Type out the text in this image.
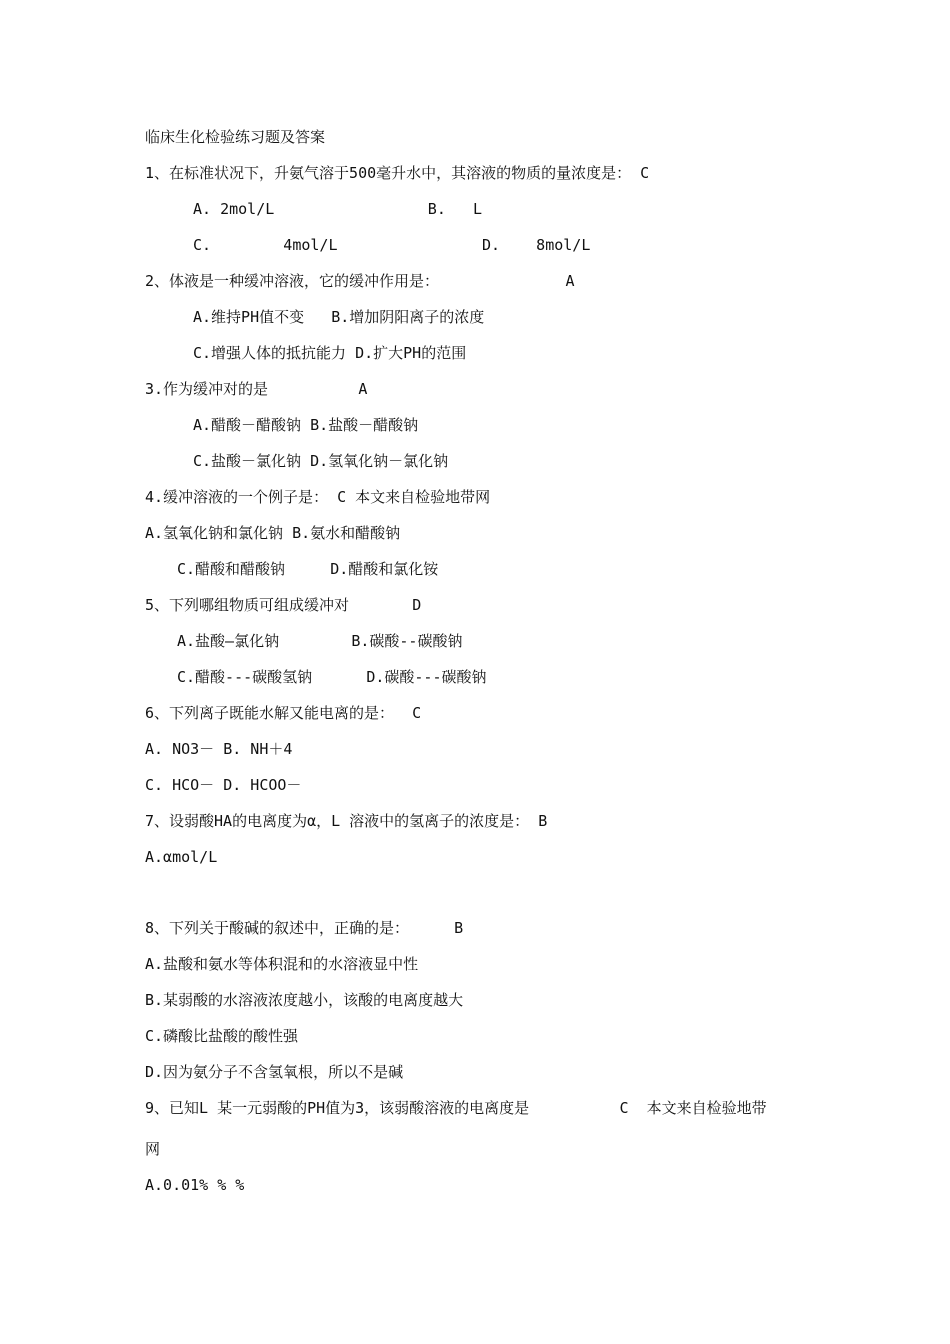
临床生化检验练习题及答案
1、在标准状况下，升氨气溶于500毫升水中，其溶液的物质的量浓度是： C
A. 2mol/L                 B.   L
C.        4mol/L                D.    8mol/L
2、体液是一种缓冲溶液，它的缓冲作用是：              A
A.维持PH值不变   B.增加阴阳离子的浓度
C.增强人体的抵抗能力 D.扩大PH的范围
3.作为缓冲对的是          A
A.醋酸－醋酸钠 B.盐酸－醋酸钠
C.盐酸－氯化钠 D.氢氧化钠－氯化钠
4.缓冲溶液的一个例子是： C 本文来自检验地带网
A.氢氧化钠和氯化钠 B.氨水和醋酸钠
C.醋酸和醋酸钠     D.醋酸和氯化铵
5、下列哪组物质可组成缓冲对       D
A.盐酸—氯化钠        B.碳酸--碳酸钠
C.醋酸---碳酸氢钠      D.碳酸---碳酸钠
6、下列离子既能水解又能电离的是：  C
A. NO3－ B. NH＋4
C. HCO－ D. HCOO－
7、设弱酸HA的电离度为α，L 溶液中的氢离子的浓度是： B
A.αmol/L
8、下列关于酸碱的叙述中，正确的是：     B
A.盐酸和氨水等体积混和的水溶液显中性
B.某弱酸的水溶液浓度越小，该酸的电离度越大
C.磷酸比盐酸的酸性强
D.因为氨分子不含氢氧根，所以不是碱
9、已知L 某一元弱酸的PH值为3，该弱酸溶液的电离度是          C  本文来自检验地带
网
A.0.01% % %
